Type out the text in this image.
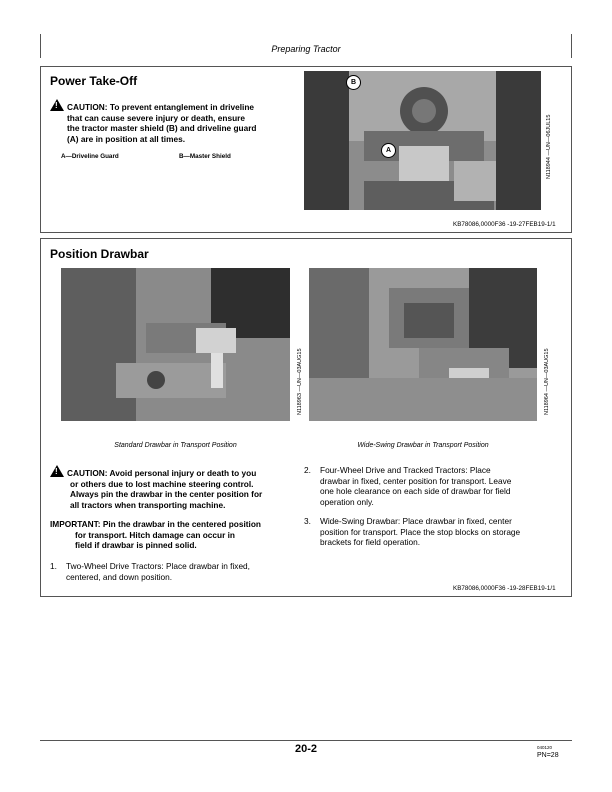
Preparing Tractor
Power Take-Off
!CAUTION: To prevent entanglement in driveline
that can cause severe injury or death, ensure
the tractor master shield (B) and driveline guard
(A) are in position at all times.
A—Driveline Guard	B—Master Shield
B
A	N118944 —UN—06JUL15
KB78086,0000F36 -19-27FEB19-1/1
Position Drawbar
N118963 —UN—03AUG15	N118964 —UN—03AUG15
Standard Drawbar in Transport Position	Wide-Swing Drawbar in Transport Position
!CAUTION: Avoid personal injury or death to you
or others due to lost machine steering control.
Always pin the drawbar in the center position for
all tractors when transporting machine.
IMPORTANT: Pin the drawbar in the centered position
for transport. Hitch damage can occur in
field if drawbar is pinned solid.
1.	Two-Wheel Drive Tractors: Place drawbar in fixed,
centered, and down position.
2.	Four-Wheel Drive and Tracked Tractors: Place
drawbar in fixed, center position for transport. Leave
one hole clearance on each side of drawbar for field
operation only.
3.	Wide-Swing Drawbar: Place drawbar in fixed, center
position for transport. Place the stop blocks on storage
brackets for field operation.
KB78086,0000F36 -19-28FEB19-1/1
20-2	040120
PN=28
